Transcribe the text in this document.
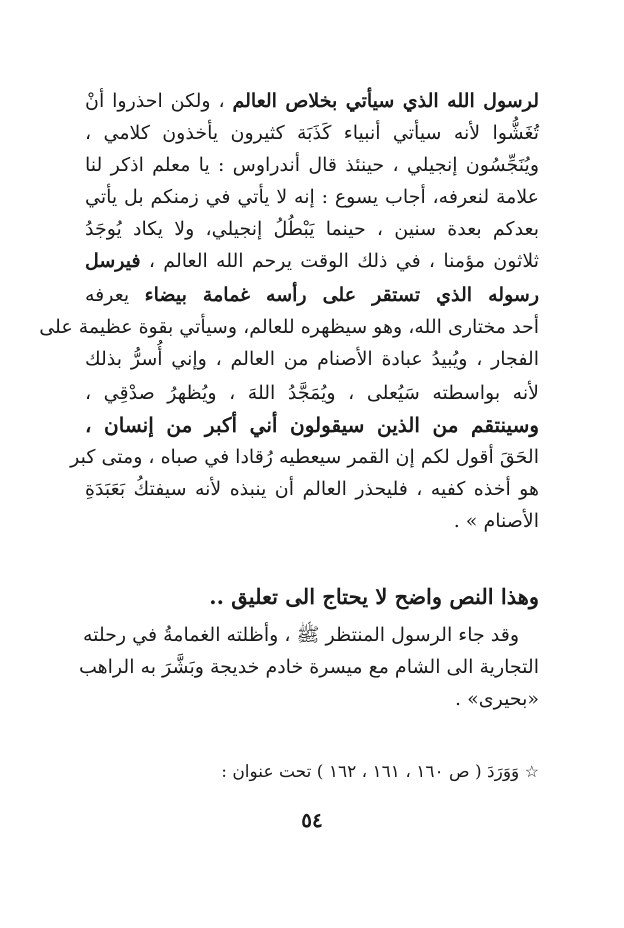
لرسول الله الذي سيأتي بخلاص العالم ، ولكن احذروا أنْ
تُغَشُّوا لأنه سيأتي أنبياء كَذَبَة كثيرون يأخذون كلامي ،
ويُنَجِّسُون إنجيلي ، حينئذ قال أندراوس : يا معلم اذكر لنا
علامة لنعرفه، أجاب يسوع : إنه لا يأتي في زمنكم بل يأتي
بعدكم بعدة سنين ، حينما يَبْطُلُ إنجيلي، ولا يكاد يُوجَدُ
ثلاثون مؤمنا ، في ذلك الوقت يرحم الله العالم ، فيرسل
رسوله الذي تستقر على رأسه غمامة بيضاء يعرفه
أحد مختارى الله، وهو سيظهره للعالم، وسيأتي بقوة عظيمة على
الفجار ، ويُبيدُ عبادة الأصنام من العالم ، وإني أُسرُّ بذلك
لأنه بواسطته سَيُعلى ، ويُمَجَّدُ اللهَ ، ويُظهرُ صدْقِي ،
وسينتقم من الذين سيقولون أني أكبر من إنسان ،
الحَقَ أقول لكم إن القمر سيعطيه رُقادا في صباه ، ومتى كبر
هو أخذه كفيه ، فليحذر العالم أن ينبذه لأنه سيفتكُ بَعَبَدَةِ
الأصنام » .
وهذا النص واضح لا يحتاج الى تعليق ..
وقد جاء الرسول المنتظر ﷺ ، وأظلته الغمامةُ في رحلته
التجارية الى الشام مع ميسرة خادم خديجة وبَشَّرَ به الراهب
«بحيرى» .
☆ وَوَرَدَ ( ص ١٦٠ ، ١٦١ ، ١٦٢ ) تحت عنوان :
٥٤
